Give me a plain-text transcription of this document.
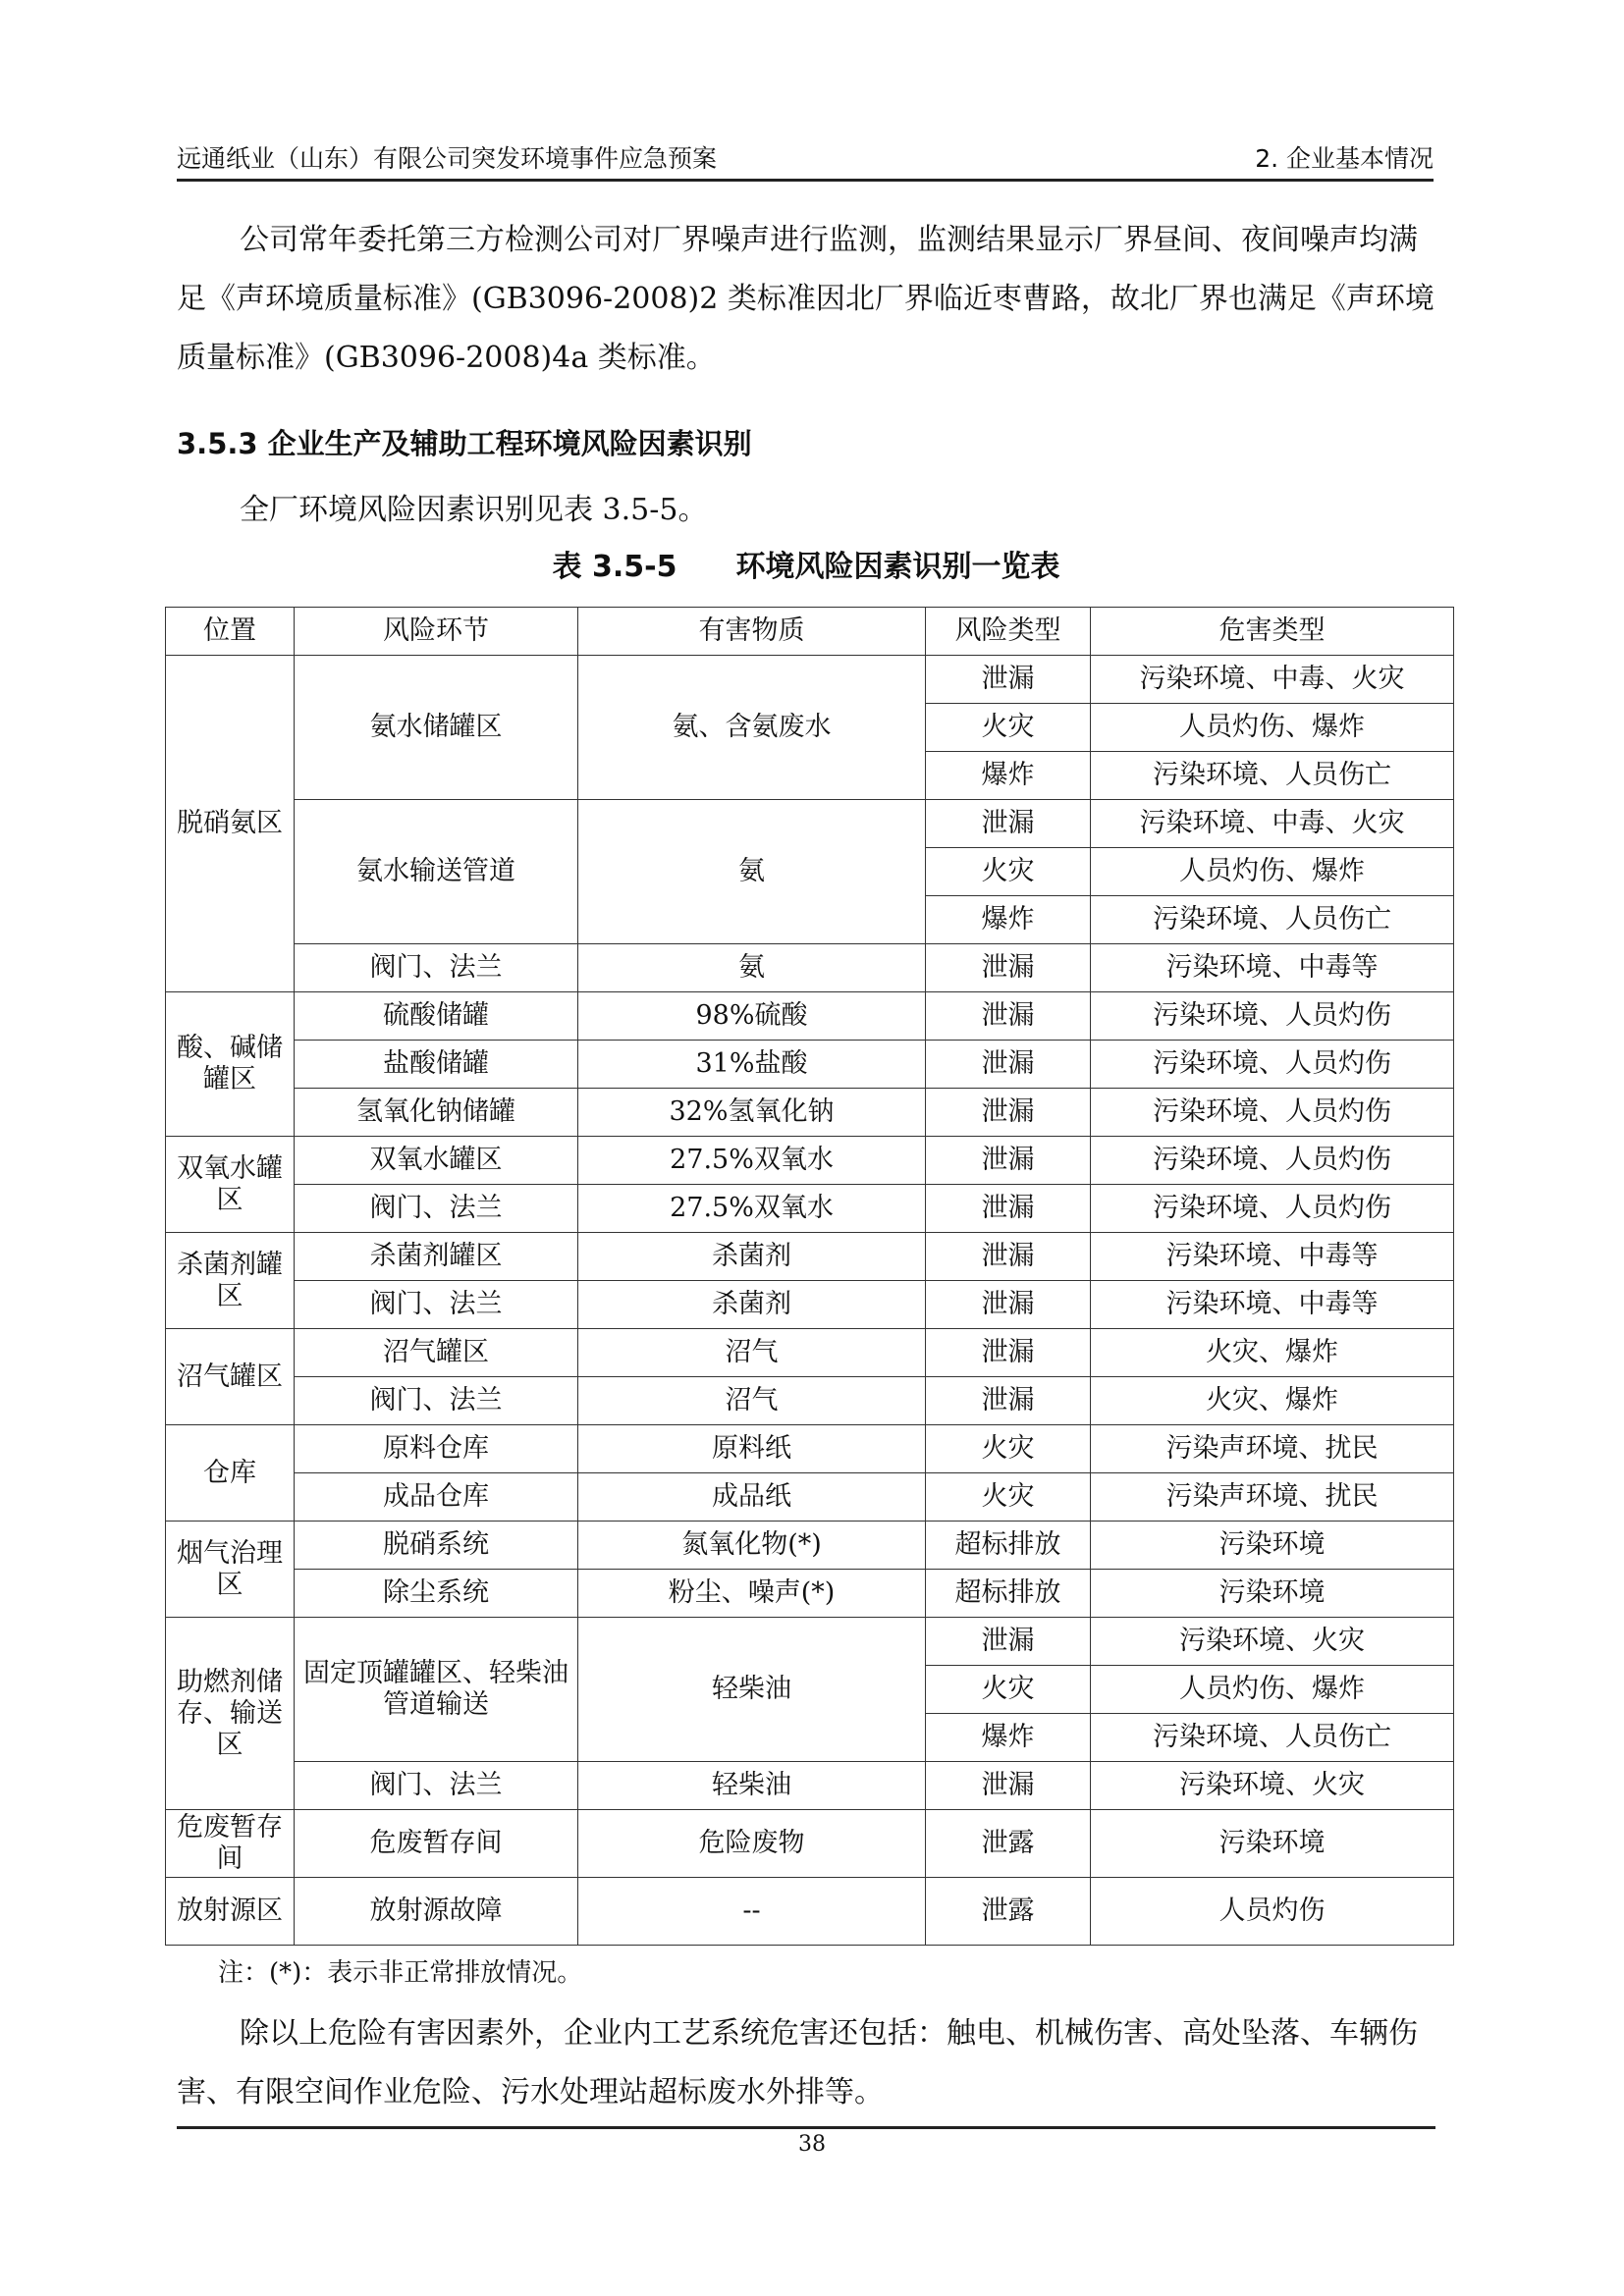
远通纸业（山东）有限公司突发环境事件应急预案	2. 企业基本情况

公司常年委托第三方检测公司对厂界噪声进行监测，监测结果显示厂界昼间、夜间噪声均满足《声环境质量标准》(GB3096-2008)2 类标准因北厂界临近枣曹路，故北厂界也满足《声环境质量标准》(GB3096-2008)4a 类标准。

3.5.3 企业生产及辅助工程环境风险因素识别

全厂环境风险因素识别见表 3.5-5。

表 3.5-5　　环境风险因素识别一览表
位置	风险环节	有害物质	风险类型	危害类型
脱硝氨区	氨水储罐区	氨、含氨废水	泄漏	污染环境、中毒、火灾
			火灾	人员灼伤、爆炸
			爆炸	污染环境、人员伤亡
	氨水输送管道	氨	泄漏	污染环境、中毒、火灾
			火灾	人员灼伤、爆炸
			爆炸	污染环境、人员伤亡
	阀门、法兰	氨	泄漏	污染环境、中毒等
酸、碱储罐区	硫酸储罐	98%硫酸	泄漏	污染环境、人员灼伤
	盐酸储罐	31%盐酸	泄漏	污染环境、人员灼伤
	氢氧化钠储罐	32%氢氧化钠	泄漏	污染环境、人员灼伤
双氧水罐区	双氧水罐区	27.5%双氧水	泄漏	污染环境、人员灼伤
	阀门、法兰	27.5%双氧水	泄漏	污染环境、人员灼伤
杀菌剂罐区	杀菌剂罐区	杀菌剂	泄漏	污染环境、中毒等
	阀门、法兰	杀菌剂	泄漏	污染环境、中毒等
沼气罐区	沼气罐区	沼气	泄漏	火灾、爆炸
	阀门、法兰	沼气	泄漏	火灾、爆炸
仓库	原料仓库	原料纸	火灾	污染声环境、扰民
	成品仓库	成品纸	火灾	污染声环境、扰民
烟气治理区	脱硝系统	氮氧化物(*)	超标排放	污染环境
	除尘系统	粉尘、噪声(*)	超标排放	污染环境
助燃剂储存、输送区	固定顶罐罐区、轻柴油管道输送	轻柴油	泄漏	污染环境、火灾
			火灾	人员灼伤、爆炸
			爆炸	污染环境、人员伤亡
	阀门、法兰	轻柴油	泄漏	污染环境、火灾
危废暂存间	危废暂存间	危险废物	泄露	污染环境
放射源区	放射源故障	--	泄露	人员灼伤

注：(*)：表示非正常排放情况。

除以上危险有害因素外，企业内工艺系统危害还包括：触电、机械伤害、高处坠落、车辆伤害、有限空间作业危险、污水处理站超标废水外排等。

38
